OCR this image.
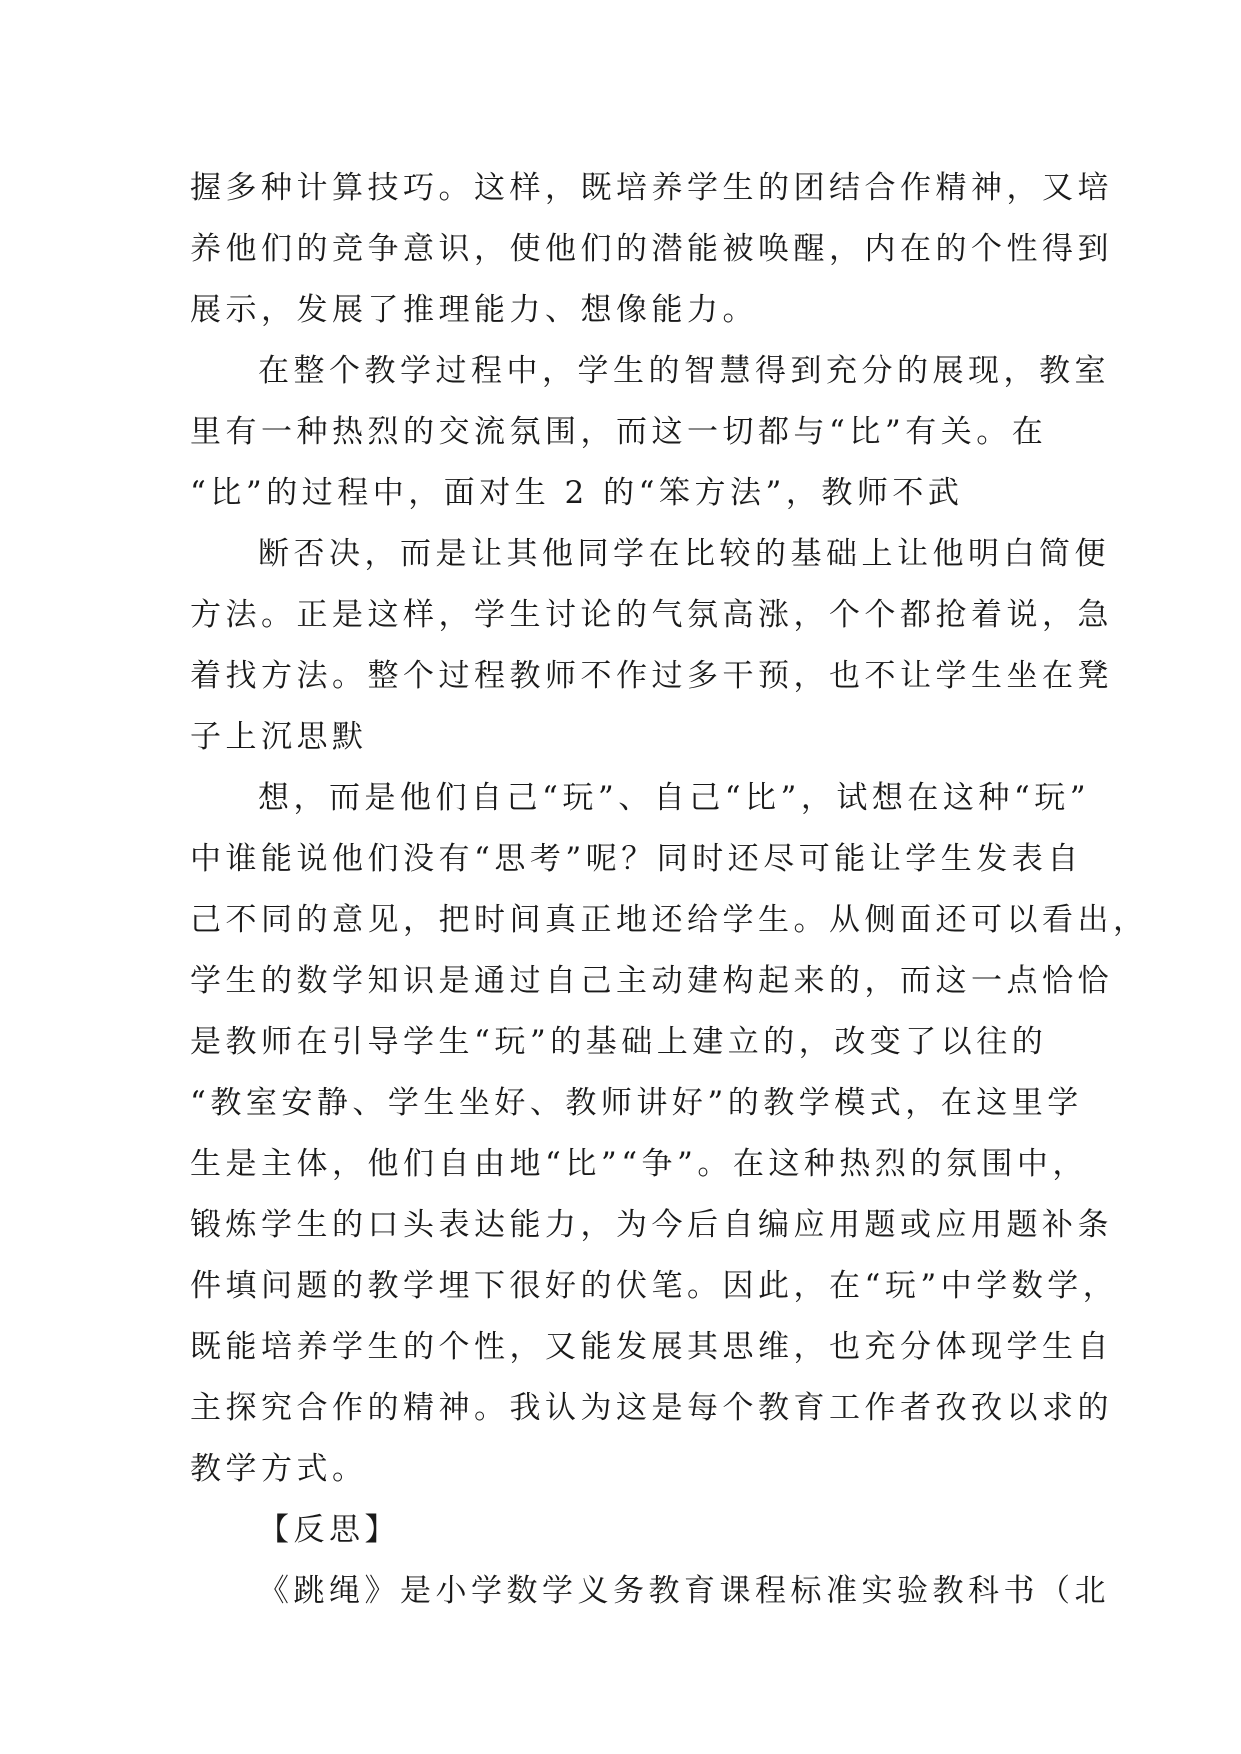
握多种计算技巧。这样，既培养学生的团结合作精神，又培
养他们的竞争意识，使他们的潜能被唤醒，内在的个性得到
展示，发展了推理能力、想像能力。
在整个教学过程中，学生的智慧得到充分的展现，教室
里有一种热烈的交流氛围，而这一切都与“比”有关。在
“比”的过程中，面对生 2 的“笨方法”，教师不武
断否决，而是让其他同学在比较的基础上让他明白简便
方法。正是这样，学生讨论的气氛高涨，个个都抢着说，急
着找方法。整个过程教师不作过多干预，也不让学生坐在凳
子上沉思默
想，而是他们自己“玩”、自己“比”，试想在这种“玩”
中谁能说他们没有“思考”呢？同时还尽可能让学生发表自
己不同的意见，把时间真正地还给学生。从侧面还可以看出，
学生的数学知识是通过自己主动建构起来的，而这一点恰恰
是教师在引导学生“玩”的基础上建立的，改变了以往的
“教室安静、学生坐好、教师讲好”的教学模式，在这里学
生是主体，他们自由地“比”“争”。在这种热烈的氛围中，
锻炼学生的口头表达能力，为今后自编应用题或应用题补条
件填问题的教学埋下很好的伏笔。因此，在“玩”中学数学，
既能培养学生的个性，又能发展其思维，也充分体现学生自
主探究合作的精神。我认为这是每个教育工作者孜孜以求的
教学方式。
【反思】
《跳绳》是小学数学义务教育课程标准实验教科书（北
